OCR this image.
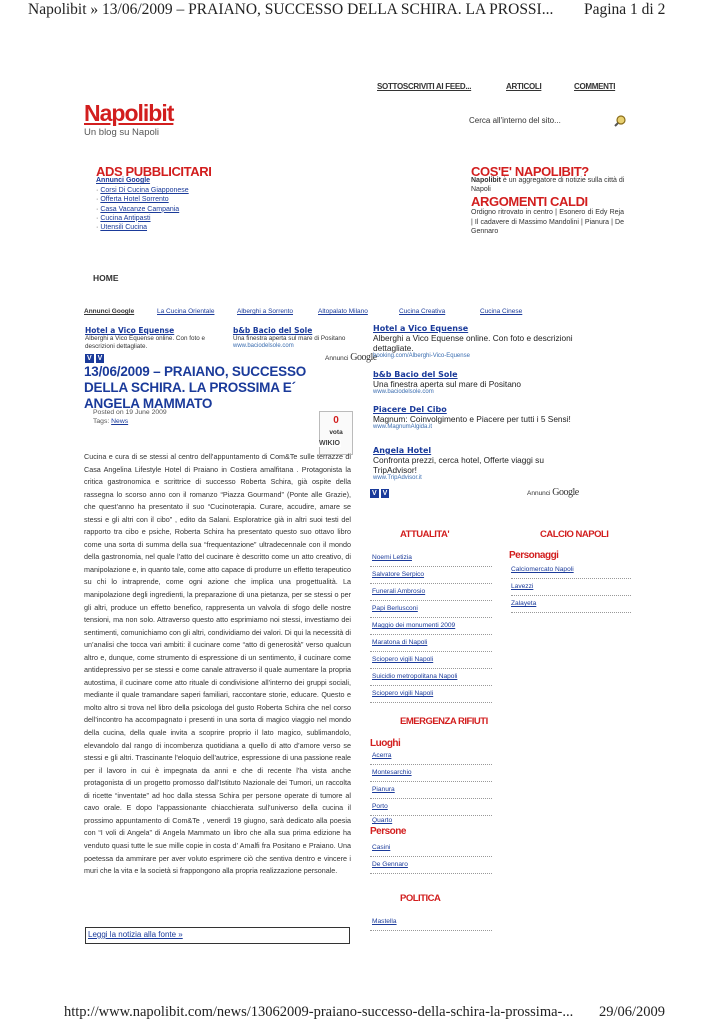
Napolibit » 13/06/2009 – PRAIANO, SUCCESSO DELLA SCHIRA. LA PROSSI... Pagina 1 di 2
SOTTOSCRIVITI AI FEED...	ARTICOLI	COMMENTI
Napolibit
Un blog su Napoli
Cerca all'interno del sito...
ADS PUBBLICITARI
Annunci Google
· Corsi Di Cucina Giapponese
· Offerta Hotel Sorrento
· Casa Vacanze Campania
· Cucina Antipasti
· Utensili Cucina
COS'E' NAPOLIBIT?
Napolibit è un aggregatore di notizie sulla città di Napoli
ARGOMENTI CALDI
Ordigno ritrovato in centro | Esonero di Edy Reja | Il cadavere di Massimo Mandolini | Pianura | De Gennaro
HOME
Annunci Google	La Cucina Orientale	Alberghi a Sorrento	Altopalato Milano	Cucina Creativa	Cucina Cinese
Hotel a Vico Equense
Alberghi a Vico Equense online. Con foto e descrizioni dettagliate.
b&b Bacio del Sole
Una finestra aperta sul mare di Positano
www.baciodelsole.com
V V	Annunci Google
13/06/2009 – PRAIANO, SUCCESSO DELLA SCHIRA. LA PROSSIMA E´ ANGELA MAMMATO
Posted on 19 June 2009
Tags: News	0
vota
WIKIO
Cucina e cura di se stessi al centro dell’appuntamento di Com&Te sulle terrazze di Casa Angelina Lifestyle Hotel di Praiano in Costiera amalfitana . Protagonista la critica gastronomica e scrittrice di successo Roberta Schira, già ospite della rassegna lo scorso anno con il romanzo “Piazza Gourmand” (Ponte alle Grazie), che quest’anno ha presentato il suo “Cucinoterapia. Curare, accudire, amare se stessi e gli altri con il cibo” , edito da Salani. Esploratrice già in altri suoi testi del rapporto tra cibo e psiche, Roberta Schira ha presentato questo suo ottavo libro come una sorta di summa della sua “frequentazione” ultradecennale con il mondo della gastronomia, nel quale l’atto del cucinare è descritto come un atto creativo, di manipolazione e, in quanto tale, come atto capace di produrre un effetto terapeutico su chi lo intraprende, come ogni azione che implica una progettualità. La manipolazione degli ingredienti, la preparazione di una pietanza, per se stessi o per gli altri, produce un effetto benefico, rappresenta un valvola di sfogo delle nostre tensioni, ma non solo. Attraverso questo atto esprimiamo noi stessi, investiamo dei sentimenti, comunichiamo con gli altri, condividiamo dei valori. Di qui la necessità di un’analisi che tocca vari ambiti: il cucinare come “atto di generosità” verso qualcun altro e, dunque, come strumento di espressione di un sentimento, il cucinare come antidepressivo per se stessi e come canale attraverso il quale aumentare la propria autostima, il cucinare come atto rituale di condivisione all’interno dei gruppi sociali, mediante il quale tramandare saperi familiari, raccontare storie, educare. Questo e molto altro si trova nel libro della psicologa del gusto Roberta Schira che nel corso dell’incontro ha accompagnato i presenti in una sorta di magico viaggio nel mondo della cucina, della quale invita a scoprire proprio il lato magico, sublimandolo, elevandolo dal rango di incombenza quotidiana a quello di atto d’amore verso se stessi e gli altri. Trascinante l’eloquio dell’autrice, espressione di una passione reale per il lavoro in cui è impegnata da anni e che di recente l’ha vista anche protagonista di un progetto promosso dall’Istituto Nazionale dei Tumori, un raccolta di ricette “inventate” ad hoc dalla stessa Schira per persone operate di tumore al cavo orale. E dopo l’appassionante chiacchierata sull’universo della cucina il prossimo appuntamento di Com&Te , venerdì 19 giugno, sarà dedicato alla poesia con “I voli di Angela” di Angela Mammato un libro che alla sua prima edizione ha venduto quasi tutte le sue mille copie in costa d’ Amalfi fra Positano e Praiano. Una poetessa da ammirare per aver voluto esprimere ciò che sentiva dentro e vincere i muri che la vita e la società si frappongono alla propria realizzazione personale.
Leggi la notizia alla fonte »
Hotel a Vico Equense
Alberghi a Vico Equense online. Con foto e descrizioni dettagliate.
booking.com/Alberghi-Vico-Equense
b&b Bacio del Sole
Una finestra aperta sul mare di Positano
www.baciodelsole.com
Piacere Del Cibo
Magnum: Coinvolgimento e Piacere per tutti i 5 Sensi!
www.MagnumAlgida.it
Angela Hotel
Confronta prezzi, cerca hotel, Offerte viaggi su TripAdvisor!
www.TripAdvisor.it
V V	Annunci Google
ATTUALITA'
Noemi Letizia
Salvatore Serpico
Funerali Ambrosio
Papi Berlusconi
Maggio dei monumenti 2009
Maratona di Napoli
Sciopero vigili Napoli
Suicidio metropolitana Napoli
Sciopero vigili Napoli
CALCIO NAPOLI
Personaggi
Calciomercato Napoli
Lavezzi
Zalayeta
EMERGENZA RIFIUTI
Luoghi
Acerra
Montesarchio
Pianura
Porto
Quarto
Persone
Casini
De Gennaro
POLITICA
Mastella
http://www.napolibit.com/news/13062009-praiano-successo-della-schira-la-prossima-... 29/06/2009
